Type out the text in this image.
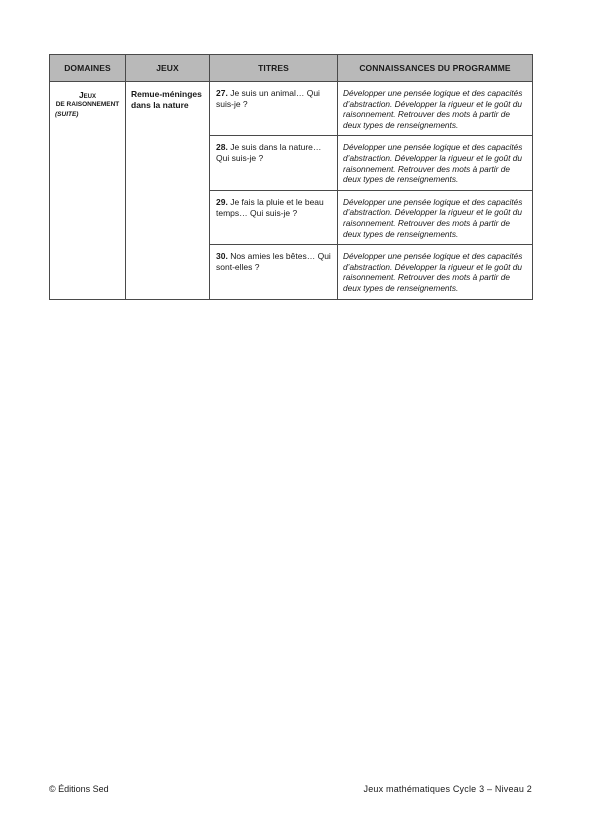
DOMAINES	JEUX	TITRES	CONNAISSANCES DU PROGRAMME

Jeux
DE RAISONNEMENT
(SUITE)	Remue-méninges dans la nature	27. Je suis un animal… Qui suis-je ?	Développer une pensée logique et des capacités d’abstraction. Développer la rigueur et le goût du raisonnement. Retrouver des mots à partir de deux types de renseignements.
		28. Je suis dans la nature… Qui suis-je ?	Développer une pensée logique et des capacités d’abstraction. Développer la rigueur et le goût du raisonnement. Retrouver des mots à partir de deux types de renseignements.
		29. Je fais la pluie et le beau temps… Qui suis-je ?	Développer une pensée logique et des capacités d’abstraction. Développer la rigueur et le goût du raisonnement. Retrouver des mots à partir de deux types de renseignements.
		30. Nos amies les bêtes… Qui sont-elles ?	Développer une pensée logique et des capacités d’abstraction. Développer la rigueur et le goût du raisonnement. Retrouver des mots à partir de deux types de renseignements.
© Éditions Sed	Jeux mathématiques Cycle 3 – Niveau 2
